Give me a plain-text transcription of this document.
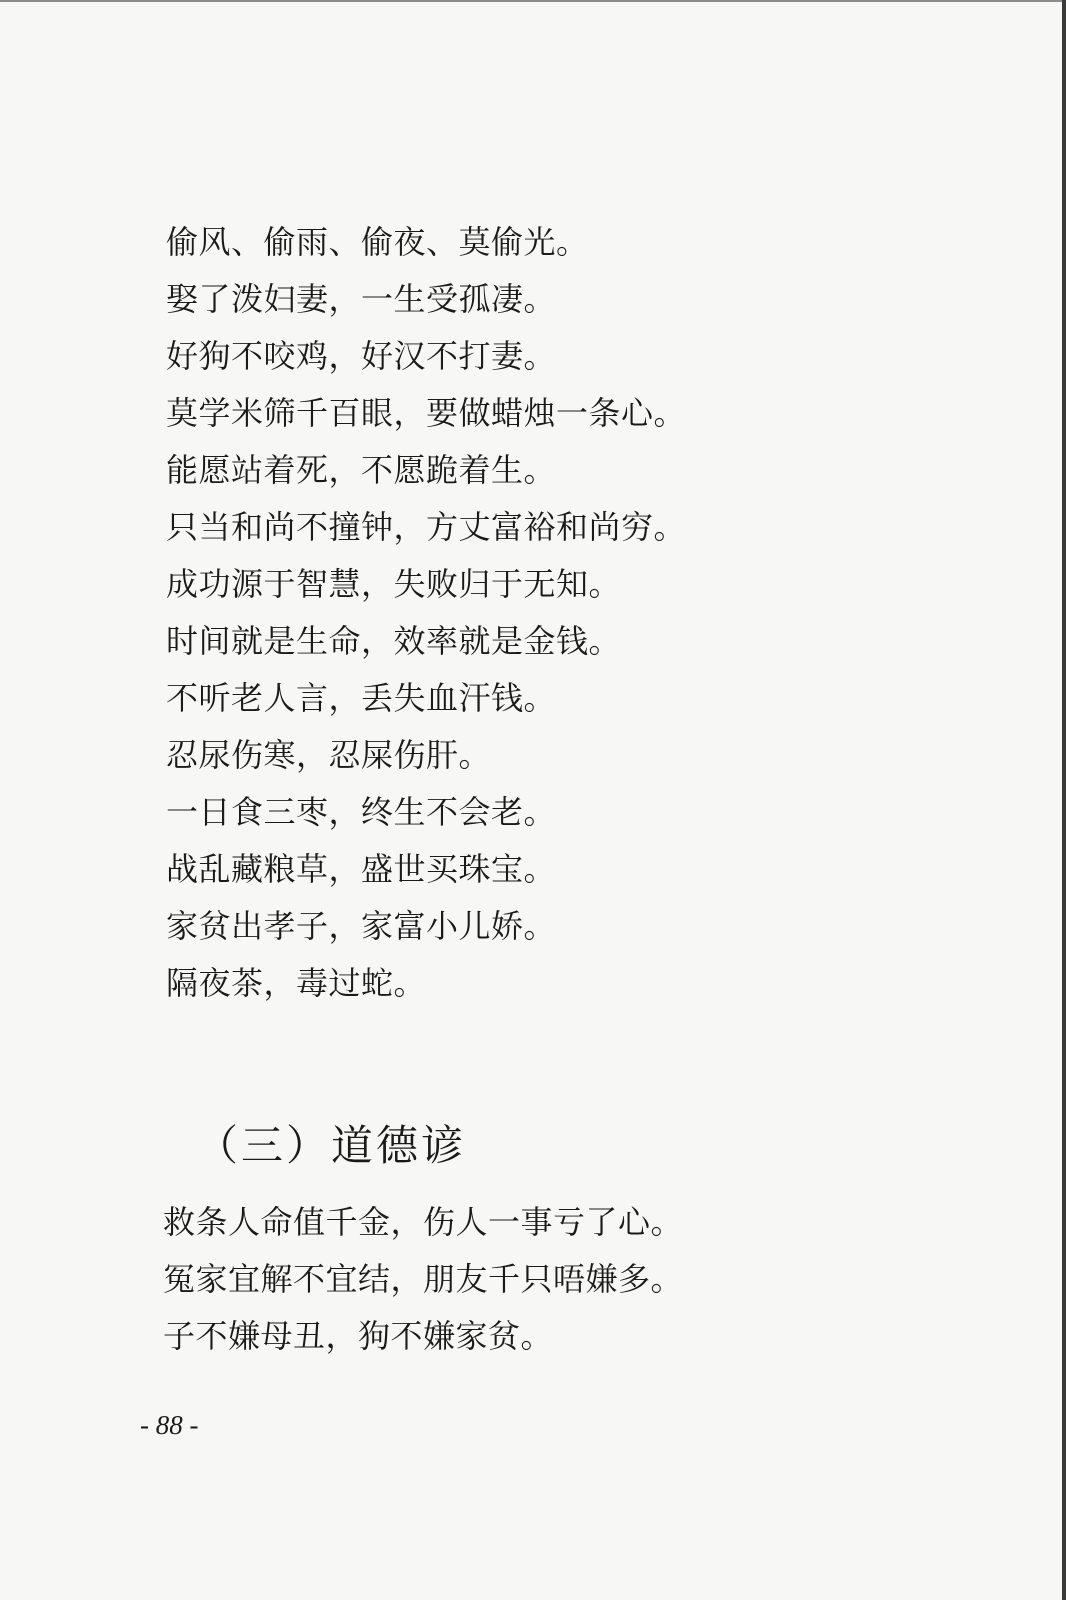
偷风、偷雨、偷夜、莫偷光。
娶了泼妇妻，一生受孤凄。
好狗不咬鸡，好汉不打妻。
莫学米筛千百眼，要做蜡烛一条心。
能愿站着死，不愿跪着生。
只当和尚不撞钟，方丈富裕和尚穷。
成功源于智慧，失败归于无知。
时间就是生命，效率就是金钱。
不听老人言，丢失血汗钱。
忍尿伤寒，忍屎伤肝。
一日食三枣，终生不会老。
战乱藏粮草，盛世买珠宝。
家贫出孝子，家富小儿娇。
隔夜茶，毒过蛇。
（三）道德谚
救条人命值千金，伤人一事亏了心。
冤家宜解不宜结，朋友千只唔嫌多。
子不嫌母丑，狗不嫌家贫。
- 88 -
